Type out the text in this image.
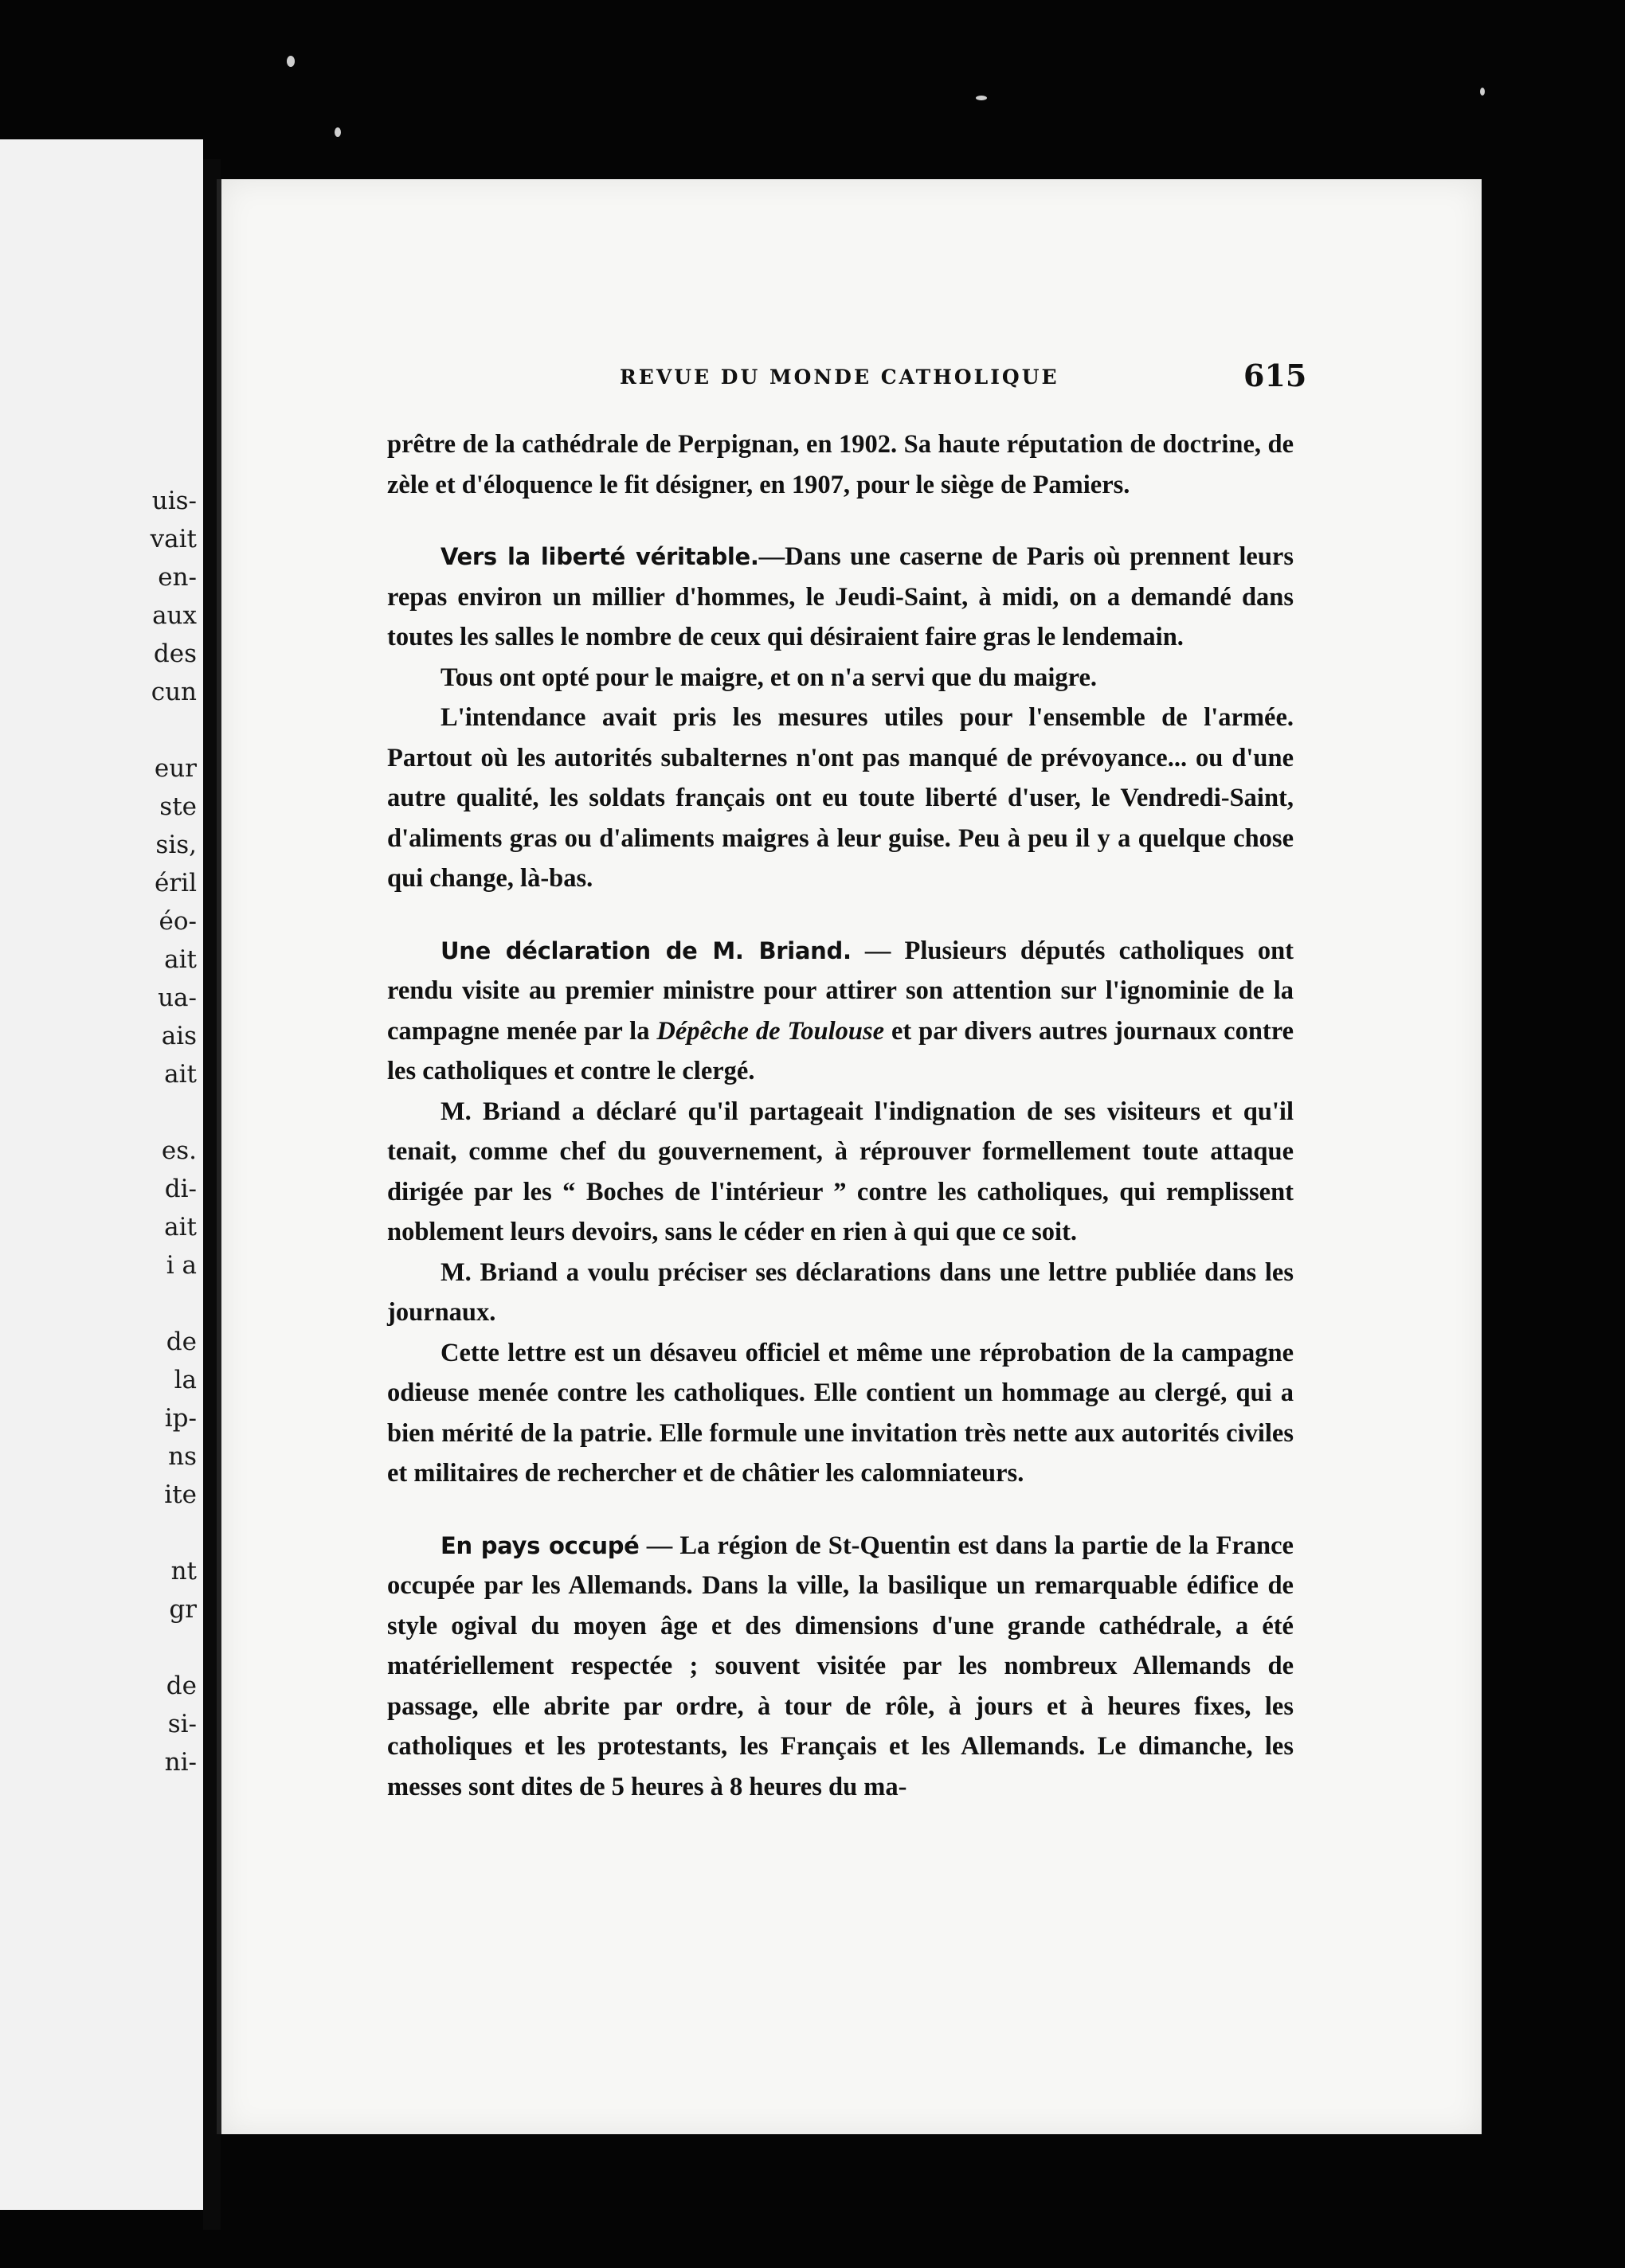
uis-
vait
en-
aux
des
cun
eur
ste
sis,
éril
éo-
ait
ua-
ais
ait
es.
di-
ait
i a
de
la
ip-
ns
ite
nt
gr
de
si-
ni-
REVUE DU MONDE CATHOLIQUE	615

prêtre de la cathédrale de Perpignan, en 1902. Sa haute réputation de doctrine, de zèle et d'éloquence le fit désigner, en 1907, pour le siège de Pamiers.

Vers la liberté véritable.—Dans une caserne de Paris où prennent leurs repas environ un millier d'hommes, le Jeudi-Saint, à midi, on a demandé dans toutes les salles le nombre de ceux qui désiraient faire gras le lendemain.

Tous ont opté pour le maigre, et on n'a servi que du maigre.

L'intendance avait pris les mesures utiles pour l'ensemble de l'armée. Partout où les autorités subalternes n'ont pas manqué de prévoyance... ou d'une autre qualité, les soldats français ont eu toute liberté d'user, le Vendredi-Saint, d'aliments gras ou d'aliments maigres à leur guise. Peu à peu il y a quelque chose qui change, là-bas.

Une déclaration de M. Briand. — Plusieurs députés catholiques ont rendu visite au premier ministre pour attirer son attention sur l'ignominie de la campagne menée par la Dépêche de Toulouse et par divers autres journaux contre les catholiques et contre le clergé.

M. Briand a déclaré qu'il partageait l'indignation de ses visiteurs et qu'il tenait, comme chef du gouvernement, à réprouver formellement toute attaque dirigée par les “ Boches de l'intérieur ” contre les catholiques, qui remplissent noblement leurs devoirs, sans le céder en rien à qui que ce soit.

M. Briand a voulu préciser ses déclarations dans une lettre publiée dans les journaux.

Cette lettre est un désaveu officiel et même une réprobation de la campagne odieuse menée contre les catholiques. Elle contient un hommage au clergé, qui a bien mérité de la patrie. Elle formule une invitation très nette aux autorités civiles et militaires de rechercher et de châtier les calomniateurs.

En pays occupé — La région de St-Quentin est dans la partie de la France occupée par les Allemands. Dans la ville, la basilique un remarquable édifice de style ogival du moyen âge et des dimensions d'une grande cathédrale, a été matériellement respectée ; souvent visitée par les nombreux Allemands de passage, elle abrite par ordre, à tour de rôle, à jours et à heures fixes, les catholiques et les protestants, les Français et les Allemands. Le dimanche, les messes sont dites de 5 heures à 8 heures du ma-
